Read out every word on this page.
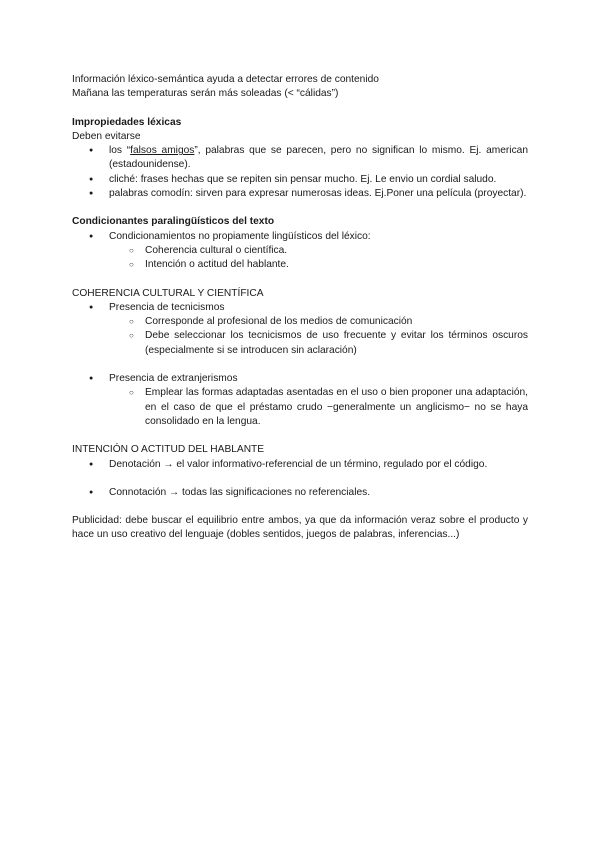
Información léxico-semántica ayuda a detectar errores de contenido

Mañana las temperaturas serán más soleadas (< “cálidas”)

Impropiedades léxicas

Deben evitarse

● los “falsos amigos”, palabras que se parecen, pero no significan lo mismo. Ej. american (estadounidense).
● cliché: frases hechas que se repiten sin pensar mucho. Ej. Le envio un cordial saludo.
● palabras comodín: sirven para expresar numerosas ideas. Ej.Poner una película (proyectar).

Condicionantes paralingüísticos del texto

● Condicionamientos no propiamente lingüísticos del léxico:
○ Coherencia cultural o científica.
○ Intención o actitud del hablante.

COHERENCIA CULTURAL Y CIENTÍFICA

● Presencia de tecnicismos
○ Corresponde al profesional de los medios de comunicación
○ Debe seleccionar los tecnicismos de uso frecuente y evitar los términos oscuros (especialmente si se introducen sin aclaración)
● Presencia de extranjerismos
○ Emplear las formas adaptadas asentadas en el uso o bien proponer una adaptación, en el caso de que el préstamo crudo −generalmente un anglicismo− no se haya consolidado en la lengua.

INTENCIÓN O ACTITUD DEL HABLANTE

● Denotación → el valor informativo-referencial de un término, regulado por el código.
● Connotación → todas las significaciones no referenciales.

Publicidad: debe buscar el equilibrio entre ambos, ya que da información veraz sobre el producto y hace un uso creativo del lenguaje (dobles sentidos, juegos de palabras, inferencias...)
